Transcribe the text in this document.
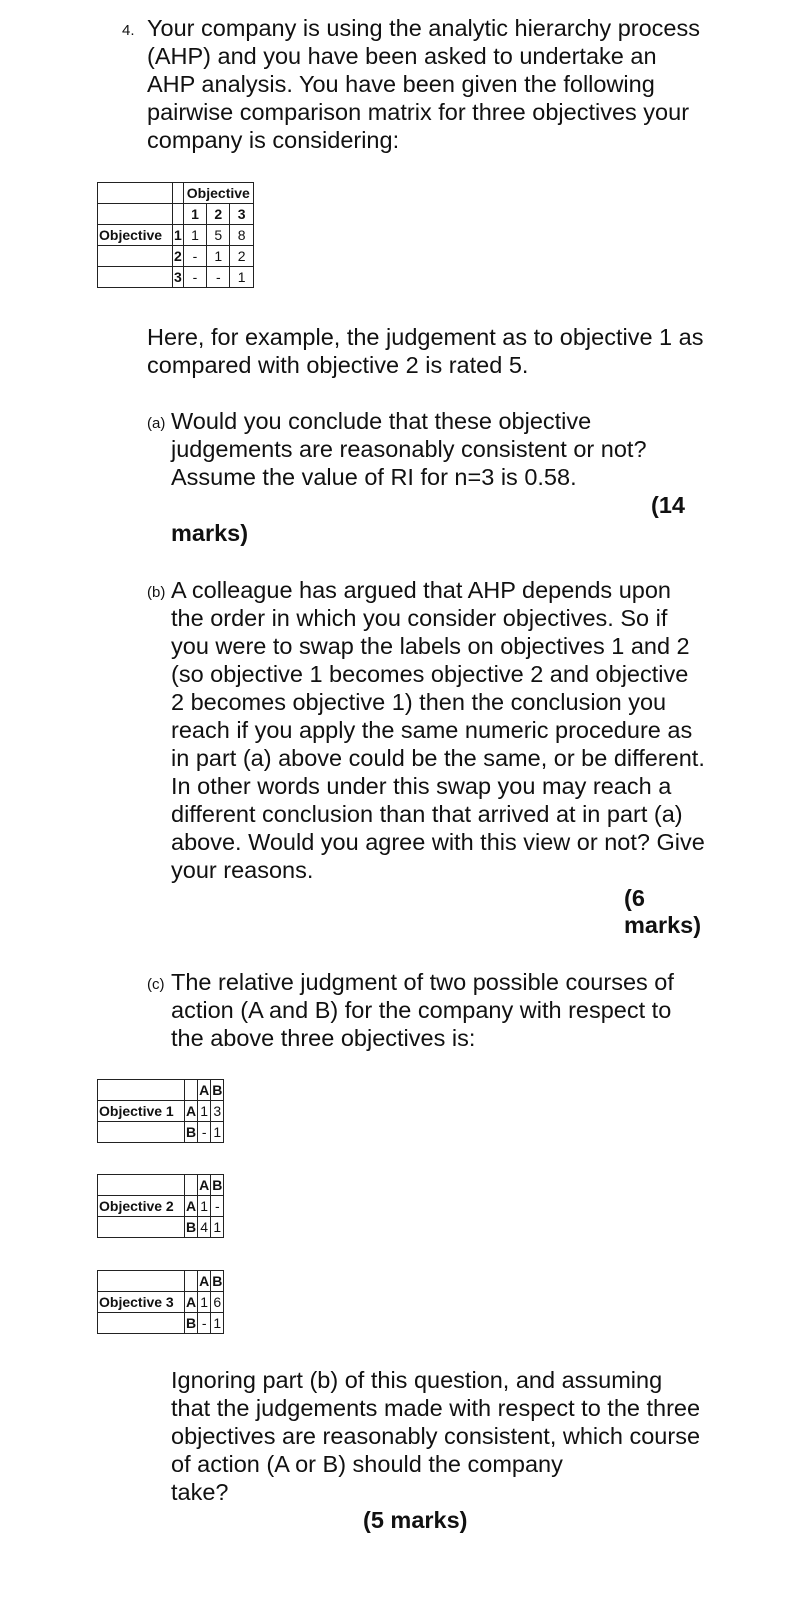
4. Your company is using the analytic hierarchy process
(AHP) and you have been asked to undertake an
AHP analysis. You have been given the following
pairwise comparison matrix for three objectives your
company is considering:
		Objective		
		1	2	3
Objective	1	1	5	8
	2	-	1	2
	3	-	-	1
Here, for example, the judgement as to objective 1 as
compared with objective 2 is rated 5.
(a) Would you conclude that these objective
judgements are reasonably consistent or not?
Assume the value of RI for n=3 is 0.58.
(14
marks)
(b) A colleague has argued that AHP depends upon
the order in which you consider objectives. So if
you were to swap the labels on objectives 1 and 2
(so objective 1 becomes objective 2 and objective
2 becomes objective 1) then the conclusion you
reach if you apply the same numeric procedure as
in part (a) above could be the same, or be different.
In other words under this swap you may reach a
different conclusion than that arrived at in part (a)
above. Would you agree with this view or not? Give
your reasons.
(6
marks)
(c) The relative judgment of two possible courses of
action (A and B) for the company with respect to
the above three objectives is:
		A	B
Objective 1	A	1	3
	B	-	1
		A	B
Objective 2	A	1	-
	B	4	1
		A	B
Objective 3	A	1	6
	B	-	1
Ignoring part (b) of this question, and assuming
that the judgements made with respect to the three
objectives are reasonably consistent, which course
of action (A or B) should the company
take?
(5 marks)
